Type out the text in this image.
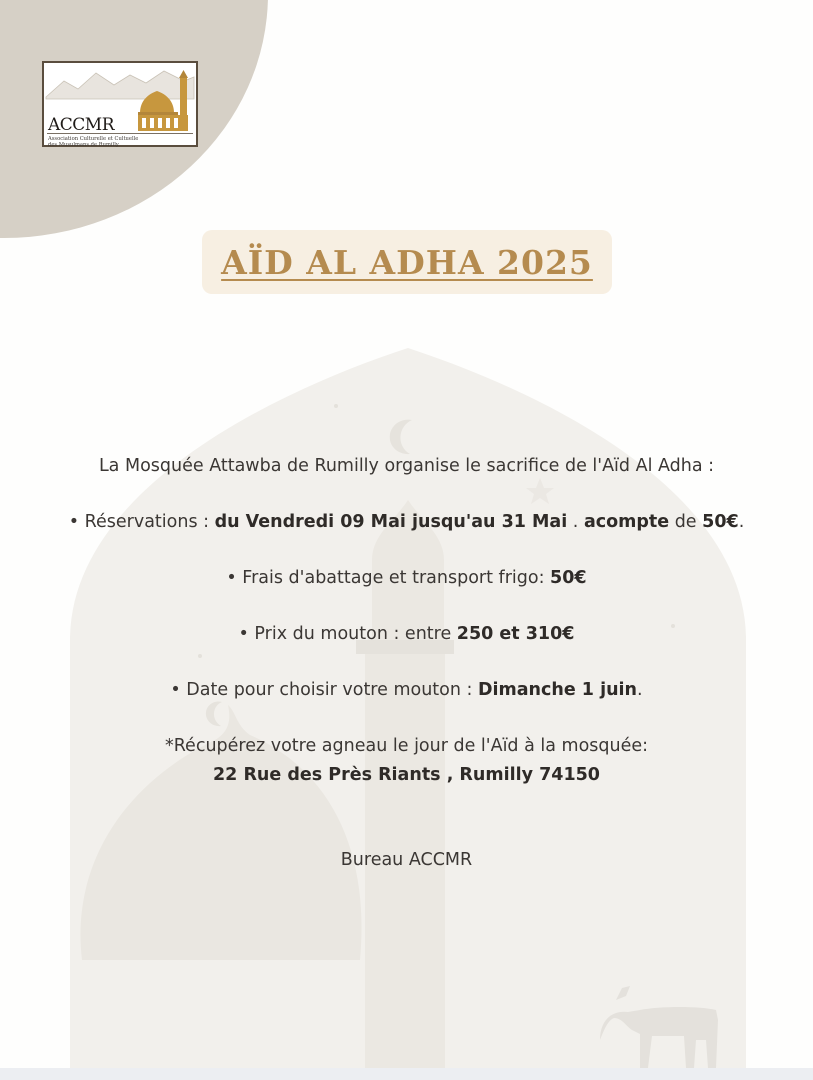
ACCMR
Association Culturelle et Cultuelle
des Musulmans de Rumilly
AÏD AL ADHA 2025
La Mosquée Attawba de Rumilly organise le sacrifice de l'Aïd Al Adha :
• Réservations : du Vendredi 09 Mai jusqu'au 31 Mai . acompte de 50€.
• Frais d'abattage et transport frigo: 50€
• Prix du mouton : entre 250 et 310€
• Date pour choisir votre mouton : Dimanche 1 juin.
*Récupérez votre agneau le jour de l'Aïd à la mosquée:
22 Rue des Près Riants , Rumilly 74150
Bureau ACCMR
